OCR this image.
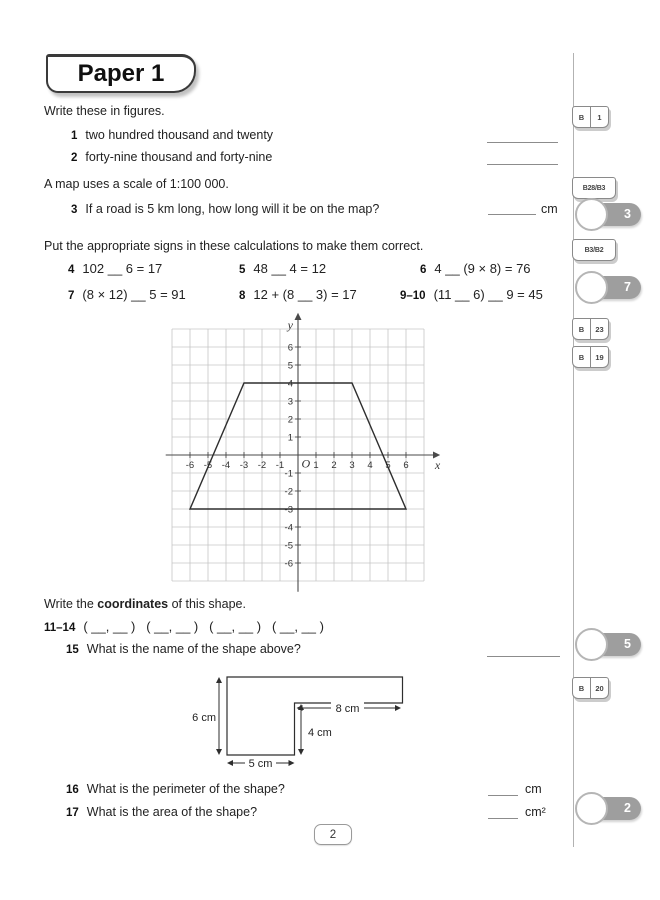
Paper 1
Write these in figures.
1 two hundred thousand and twenty
2 forty-nine thousand and forty-nine
A map uses a scale of 1:100 000.
3 If a road is 5 km long, how long will it be on the map?	cm
Put the appropriate signs in these calculations to make them correct.
4 102 __ 6 = 17	5 48 __ 4 = 12	6 4 __ (9 × 8) = 76
7 (8 × 12) __ 5 = 91	8 12 + (8 __ 3) = 17	9–10 (11 __ 6) __ 9 = 45
-6 -5 -4 -3 -2 -1	1 2 3 4 5 6
-6
-5
-4
-3
-2
-1
1
2
3
4
5
6
x
y
O
Write the coordinates of this shape.
11–14 ( __, __ )   ( __, __ )   ( __, __ )   ( __, __ )
15 What is the name of the shape above?
6 cm
5 cm
4 cm
8 cm
16 What is the perimeter of the shape?	cm
17 What is the area of the shape?	cm²
B	1
B28/B3
3
B3/B2
7
B	23
B	19
5
B	20
2
2
